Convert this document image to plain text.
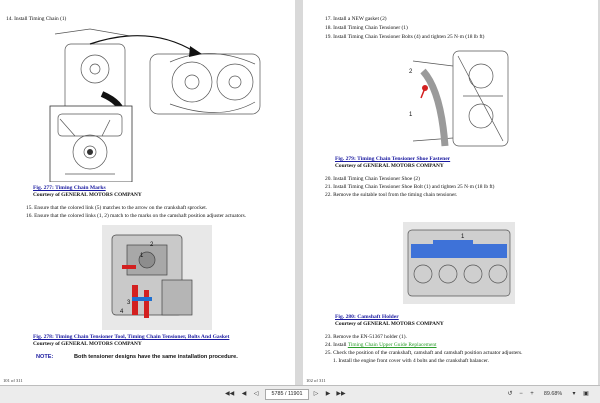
14. Install Timing Chain (1)
Fig. 277: Timing Chain Marks
Courtesy of GENERAL MOTORS COMPANY
15. Ensure that the colored link (5) matches to the arrow on the crankshaft sprocket.
16. Ensure that the colored links (1, 2) match to the marks on the camshaft position adjuster actuators.
2
1
3
4
Fig. 278: Timing Chain Tensioner Tool, Timing Chain Tensioner, Bolts And Gasket
Courtesy of GENERAL MOTORS COMPANY
NOTE:	Both tensioner designs have the same installation procedure.
101 of 311
17. Install a NEW gasket (2)
18. Install Timing Chain Tensioner (1)
19. Install Timing Chain Tensioner Bolts (4) and tighten 25 N·m (18 lb ft)
2
1
Fig. 279: Timing Chain Tensioner Shoe Fastener
Courtesy of GENERAL MOTORS COMPANY
20. Install Timing Chain Tensioner Shoe (2)
21. Install Timing Chain Tensioner Shoe Bolt (1) and tighten 25 N·m (18 lb ft)
22. Remove the suitable tool from the timing chain tensioner.
1
Fig. 280: Camshaft Holder
Courtesy of GENERAL MOTORS COMPANY
23. Remove the EN-51367 holder (1).
24. Install Timing Chain Upper Guide Replacement
25. Check the position of the crankshaft, camshaft and camshaft position actuator adjusters.
1. Install the engine front cover with 4 bolts and the crankshaft balancer.
102 of 311
◀◀ ◀ ◁	5785 / 11901	▷ ▶ ▶▶	↺	−	+	89.68%	▾	▣
